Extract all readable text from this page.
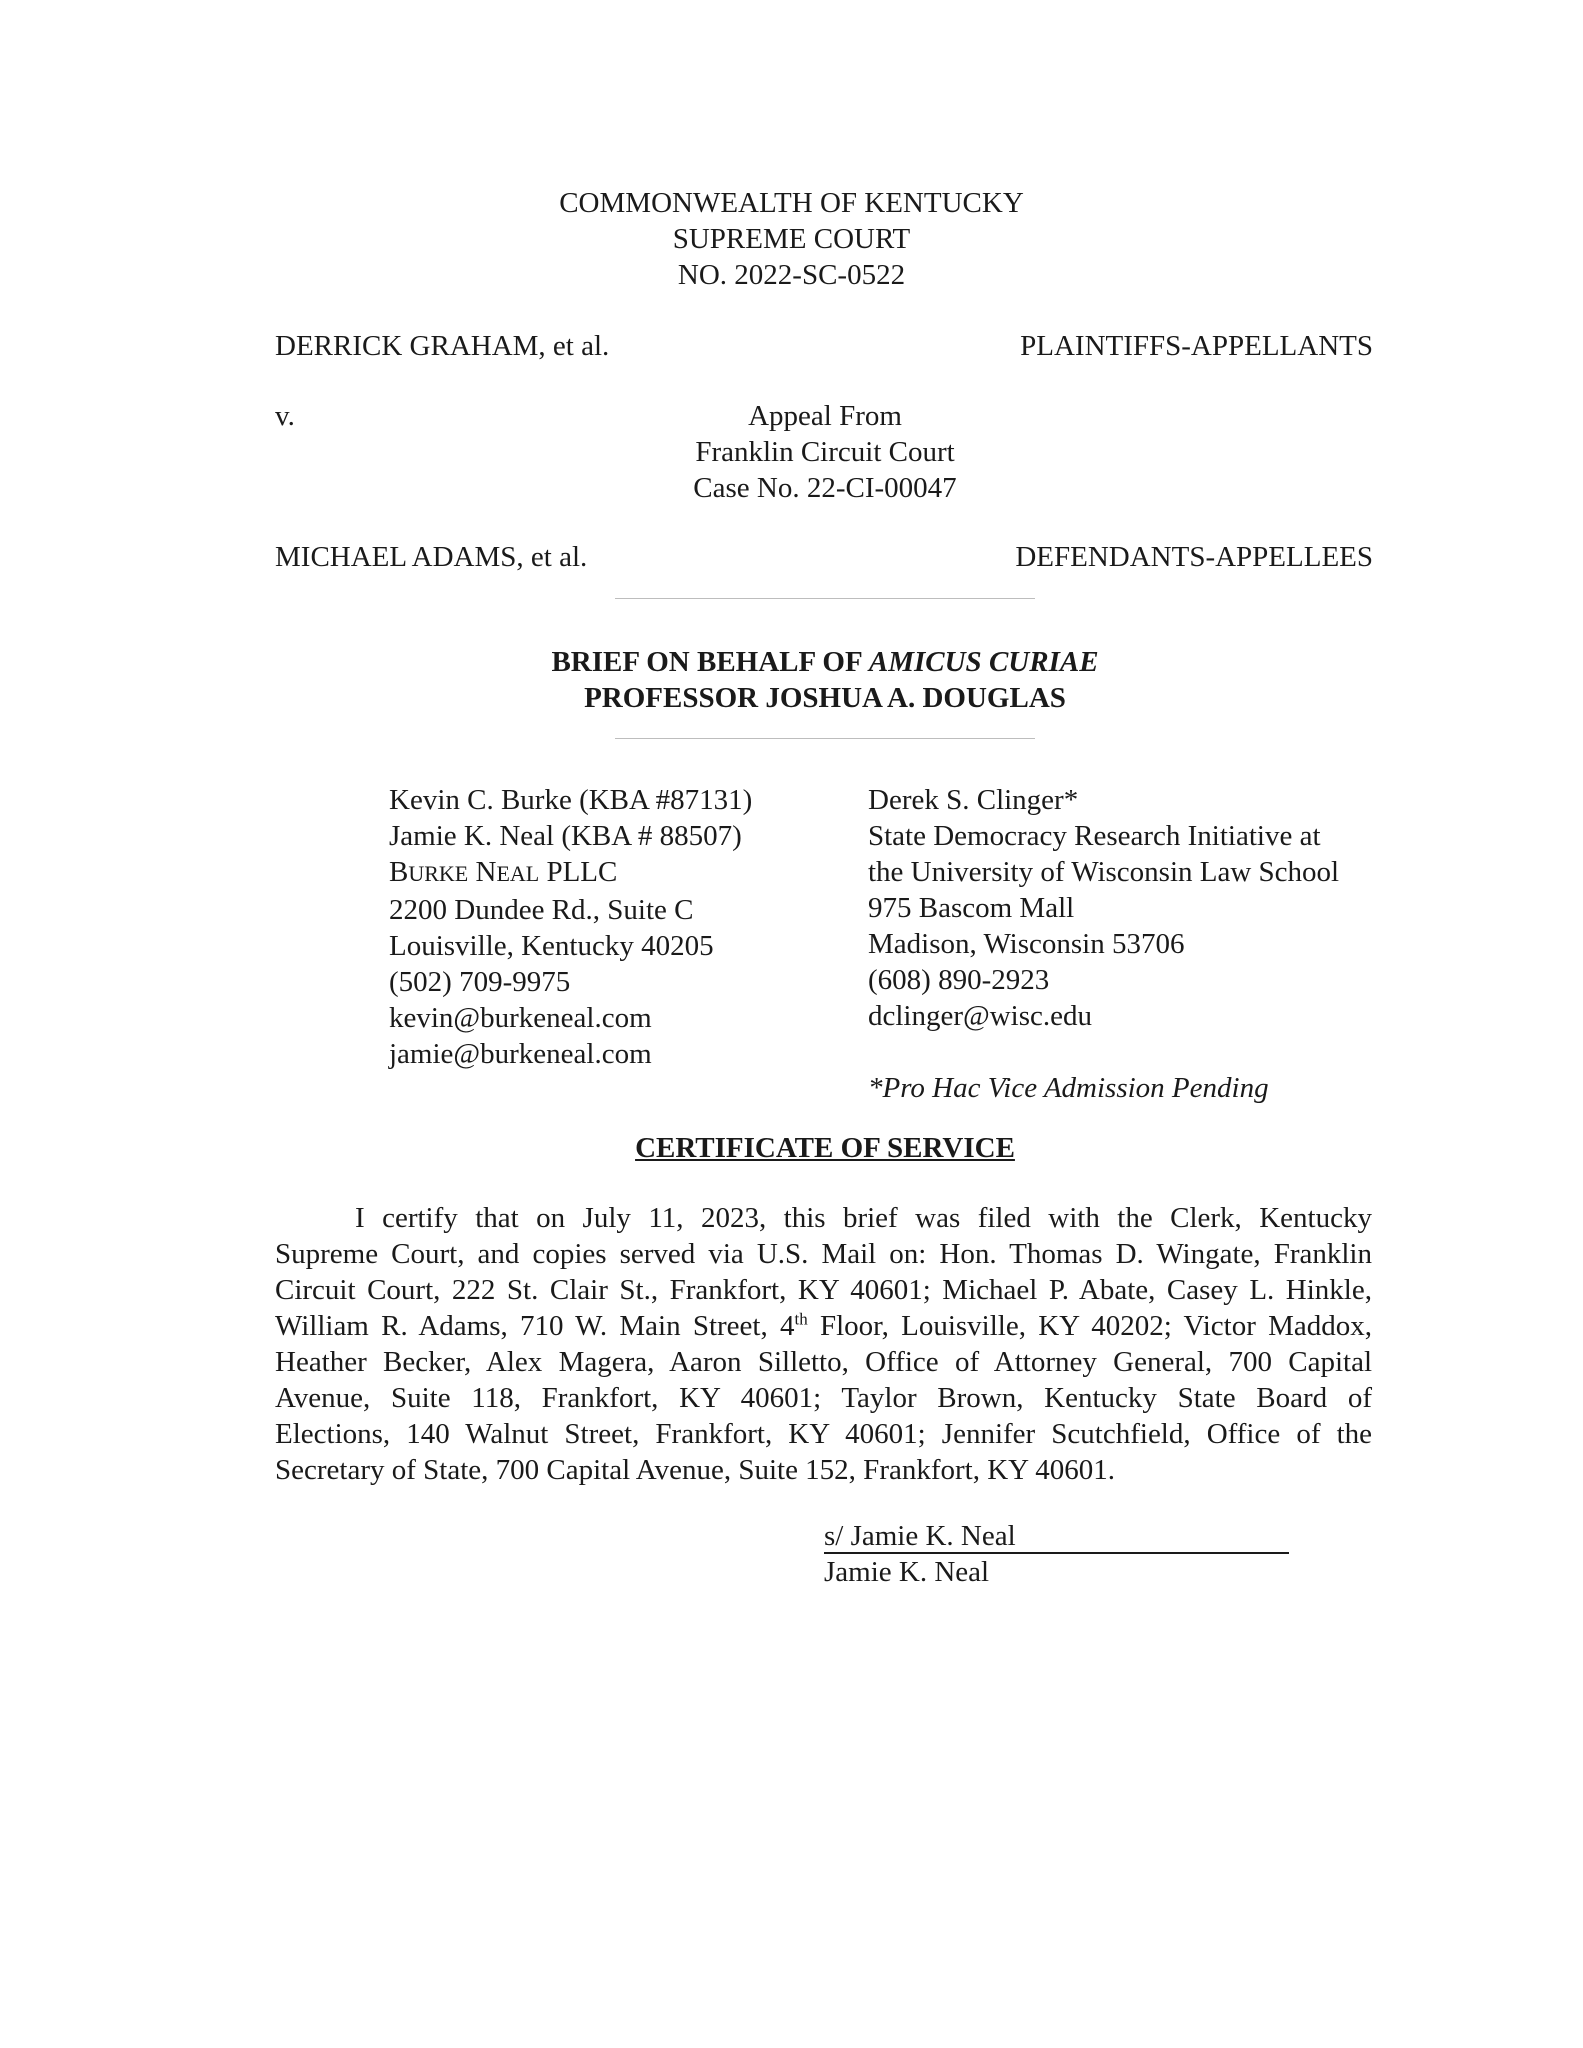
COMMONWEALTH OF KENTUCKY
SUPREME COURT
NO. 2022-SC-0522
DERRICK GRAHAM, et al.	PLAINTIFFS-APPELLANTS
v.	Appeal From
Franklin Circuit Court
Case No. 22-CI-00047
MICHAEL ADAMS, et al.	DEFENDANTS-APPELLEES
BRIEF ON BEHALF OF AMICUS CURIAE
PROFESSOR JOSHUA A. DOUGLAS
Kevin C. Burke (KBA #87131)
Jamie K. Neal (KBA # 88507)
BURKE NEAL PLLC
2200 Dundee Rd., Suite C
Louisville, Kentucky 40205
(502) 709-9975
kevin@burkeneal.com
jamie@burkeneal.com
Derek S. Clinger*
State Democracy Research Initiative at
the University of Wisconsin Law School
975 Bascom Mall
Madison, Wisconsin 53706
(608) 890-2923
dclinger@wisc.edu
*Pro Hac Vice Admission Pending
CERTIFICATE OF SERVICE
I certify that on July 11, 2023, this brief was filed with the Clerk, Kentucky
Supreme Court, and copies served via U.S. Mail on: Hon. Thomas D. Wingate, Franklin
Circuit Court, 222 St. Clair St., Frankfort, KY 40601; Michael P. Abate, Casey L. Hinkle,
William R. Adams, 710 W. Main Street, 4th Floor, Louisville, KY 40202; Victor Maddox,
Heather Becker, Alex Magera, Aaron Silletto, Office of Attorney General, 700 Capital
Avenue, Suite 118, Frankfort, KY 40601; Taylor Brown, Kentucky State Board of
Elections, 140 Walnut Street, Frankfort, KY 40601; Jennifer Scutchfield, Office of the
Secretary of State, 700 Capital Avenue, Suite 152, Frankfort, KY 40601.
s/ Jamie K. Neal
Jamie K. Neal
